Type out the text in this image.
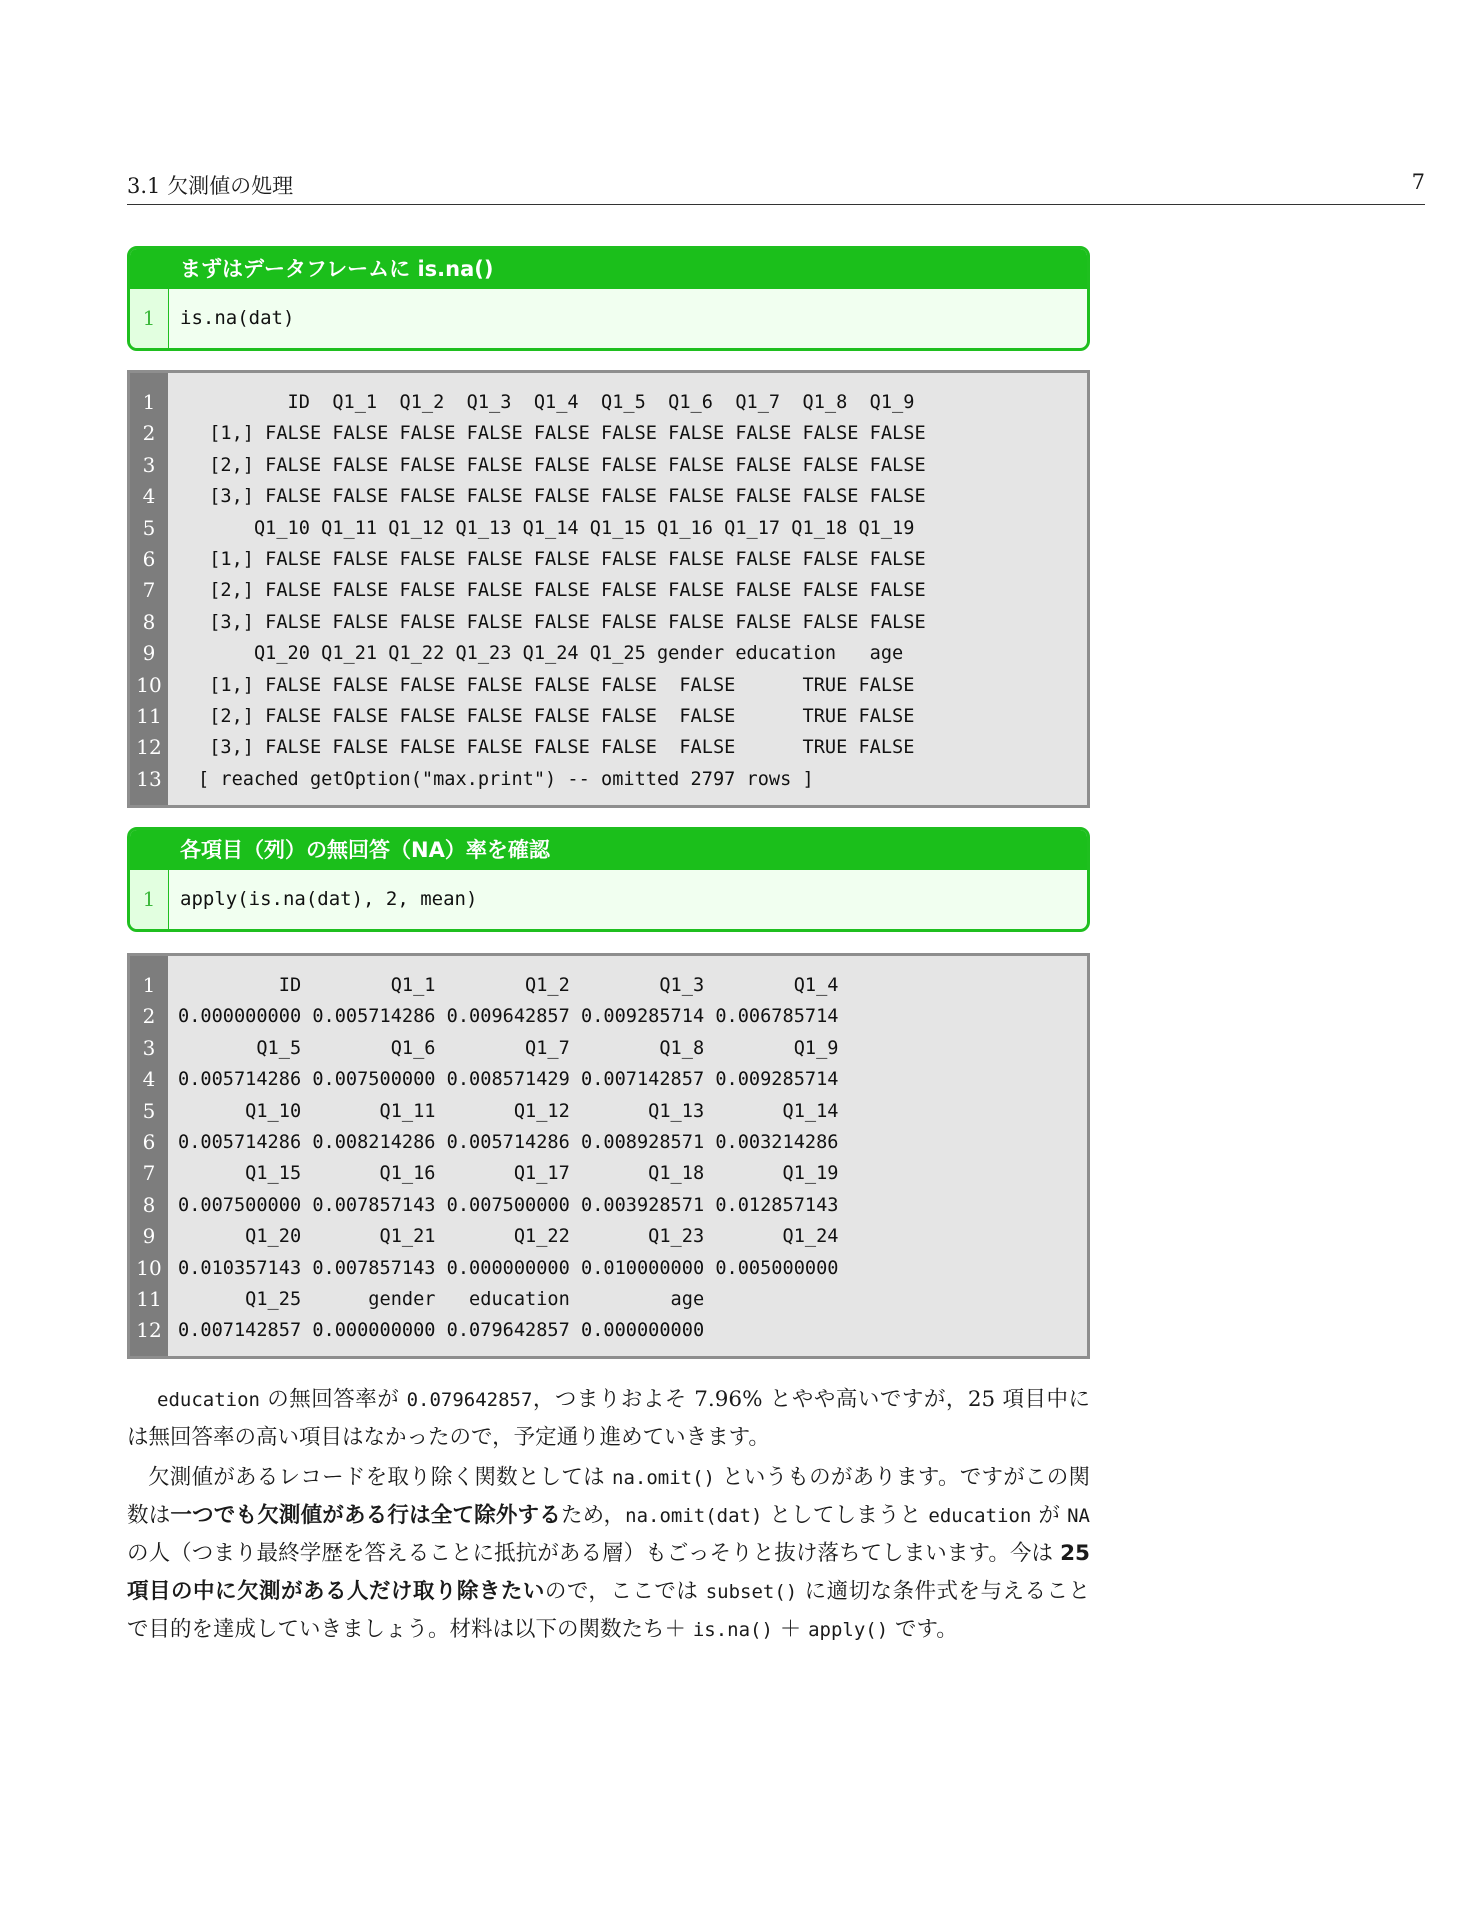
3.1 欠測値の処理	7
まずはデータフレームに is.na()
1	is.na(dat)
1	ID  Q1_1  Q1_2  Q1_3  Q1_4  Q1_5  Q1_6  Q1_7  Q1_8  Q1_9
2	[1,] FALSE FALSE FALSE FALSE FALSE FALSE FALSE FALSE FALSE FALSE
3	[2,] FALSE FALSE FALSE FALSE FALSE FALSE FALSE FALSE FALSE FALSE
4	[3,] FALSE FALSE FALSE FALSE FALSE FALSE FALSE FALSE FALSE FALSE
5	Q1_10 Q1_11 Q1_12 Q1_13 Q1_14 Q1_15 Q1_16 Q1_17 Q1_18 Q1_19
6	[1,] FALSE FALSE FALSE FALSE FALSE FALSE FALSE FALSE FALSE FALSE
7	[2,] FALSE FALSE FALSE FALSE FALSE FALSE FALSE FALSE FALSE FALSE
8	[3,] FALSE FALSE FALSE FALSE FALSE FALSE FALSE FALSE FALSE FALSE
9	Q1_20 Q1_21 Q1_22 Q1_23 Q1_24 Q1_25 gender education   age
10	[1,] FALSE FALSE FALSE FALSE FALSE FALSE  FALSE      TRUE FALSE
11	[2,] FALSE FALSE FALSE FALSE FALSE FALSE  FALSE      TRUE FALSE
12	[3,] FALSE FALSE FALSE FALSE FALSE FALSE  FALSE      TRUE FALSE
13	[ reached getOption("max.print") -- omitted 2797 rows ]
各項目（列）の無回答（NA）率を確認
1	apply(is.na(dat), 2, mean)
1	ID        Q1_1        Q1_2        Q1_3        Q1_4
2	0.000000000 0.005714286 0.009642857 0.009285714 0.006785714
3	Q1_5        Q1_6        Q1_7        Q1_8        Q1_9
4	0.005714286 0.007500000 0.008571429 0.007142857 0.009285714
5	Q1_10       Q1_11       Q1_12       Q1_13       Q1_14
6	0.005714286 0.008214286 0.005714286 0.008928571 0.003214286
7	Q1_15       Q1_16       Q1_17       Q1_18       Q1_19
8	0.007500000 0.007857143 0.007500000 0.003928571 0.012857143
9	Q1_20       Q1_21       Q1_22       Q1_23       Q1_24
10 0.010357143 0.007857143 0.000000000 0.010000000 0.005000000
11 Q1_25      gender   education         age
12 0.007142857 0.000000000 0.079642857 0.000000000
education の無回答率が 0.079642857，つまりおよそ 7.96% とやや高いですが，25 項目中には無回答率の高い項目はなかったので，予定通り進めていきます。
欠測値があるレコードを取り除く関数としては na.omit() というものがあります。ですがこの関数は一つでも欠測値がある行は全て除外するため，na.omit(dat) としてしまうと education が NA の人（つまり最終学歴を答えることに抵抗がある層）もごっそりと抜け落ちてしまいます。今は 25 項目の中に欠測がある人だけ取り除きたいので，ここでは subset() に適切な条件式を与えることで目的を達成していきましょう。材料は以下の関数たち＋ is.na() ＋ apply() です。
